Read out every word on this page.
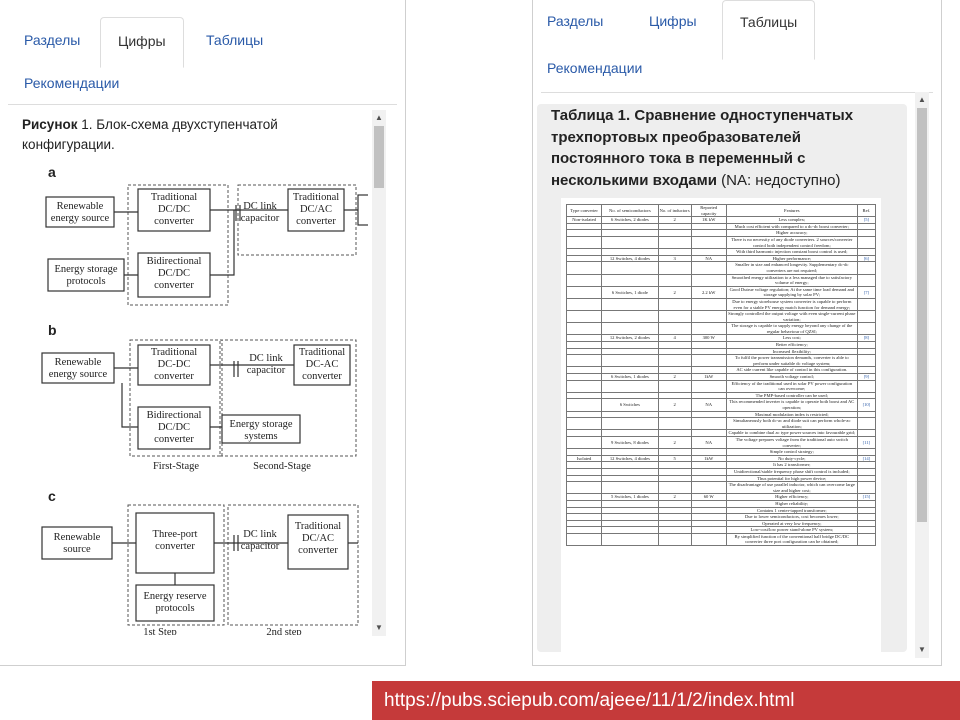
Разделы	Цифры	Таблицы
Рекомендации
Рисунок 1. Блок-схема двухступенчатой конфигурации.
a
Renewable
energy source
Traditional
DC/DC
converter
DC link
capacitor
Traditional
DC/AC
converter
Energy storage
protocols
Bidirectional
DC/DC
converter
b
Renewable
energy source
Traditional
DC-DC
converter
DC link
capacitor
Traditional
DC-AC
converter
Bidirectional
DC/DC
converter
Energy storage
systems
First-Stage	Second-Stage
c
Renewable
source
Three-port
converter
DC link
capacitor
Traditional
DC/AC
converter
Energy reserve
protocols
1st Step	2nd step
▲
▼
Разделы	Цифры	Таблицы
Рекомендации
Таблица 1. Сравнение одноступенчатых трехпортовых преобразователей постоянного тока в переменный с несколькими входами (NA: недоступно)
Type converter	No. of semiconductors	No. of inductors	Reported capacity	Features	Ref.
Non-isolated	6 Switches, 2 diodes	2	1K kW	Less complex;	[5]
				Much cost efficient with compared to a dc-dc boost converter;	
				Higher accuracy;	
				There is no necessity of any diode converters. 2 sources/converter control both independent control freedom;	
				With third harmonic injection constant boost control is used;	
	12 Switches, 4 diodes	3	NA	Higher performance;	[6]
				Smaller in size and enhanced longevity. Supplementary dc-dc converters are not required;	
				Smoothed energy utilization to a less managed due to satisfactory volume of energy;	
	6 Switches, 1 diode	2	2.2 kW	Good Dutrue voltage regulation; At the same time load demand and storage supplying by solar PV;	[7]
				Due to energy storehouse system converter is capable to perform even for a stable PV energy match function for demand energy;	
				Strongly controlled the output voltage with even single-current phase variation;	
				The storage is capable to supply energy beyond any change of the regular behaviour of QZSI;	
	12 Switches, 2 diodes	4	300 W	Less cost;	[8]
				Better efficiency;	
				Increased flexibility;	
				To fulfil the power transmission demands, converter is able to perform under suitable dc voltage system;	
				AC side current like capable of control in this configuration.	
	6 Switches, 1 diodes	2	1kW	Smooth voltage control;	[9]
				Efficiency of the traditional used in solar PV power configuration can overcome;	
				The PMP-based controller can be used;	
	6 Switches	2	NA	This recommended inverter is capable to operate both boost and AC operation;	[10]
				Maximal modulation index is restricted;	
				Simultaneously both dc-ac and diode suit can perform whole-ac utilization;	
				Capable to combine dual ac type power sources into favourable grid;	
	9 Switches, 8 diodes	2	NA	The voltage prepares voltage from the traditional auto switch converter;	[11]
				Simple control strategy;	
Isolated	12 Switches, 4 diodes	5	1kW	No duty-cycle;	[14]
				It has 2 transformer;	
				Unidirectional/stable frequency phase shift control is included;	
				Thus potential for high power device;	
				The disadvantage of use parallel inductor, which can overcome large size and higher cost;	
	5 Switches, 1 diodes	2	60 W	Higher efficiency;	[15]
				Higher reliability;	
				Contains 1 center-tapped transformer;	
				Due to lower semiconductors, cost becomes lower;	
				Operated at very low frequency;	
				Low-cost/low power stand-alone PV system;	
				By simplified function of the conventional half bridge DC/DC converter three port configuration can be obtained;	
▲
▼
https://pubs.sciepub.com/ajeee/11/1/2/index.html
